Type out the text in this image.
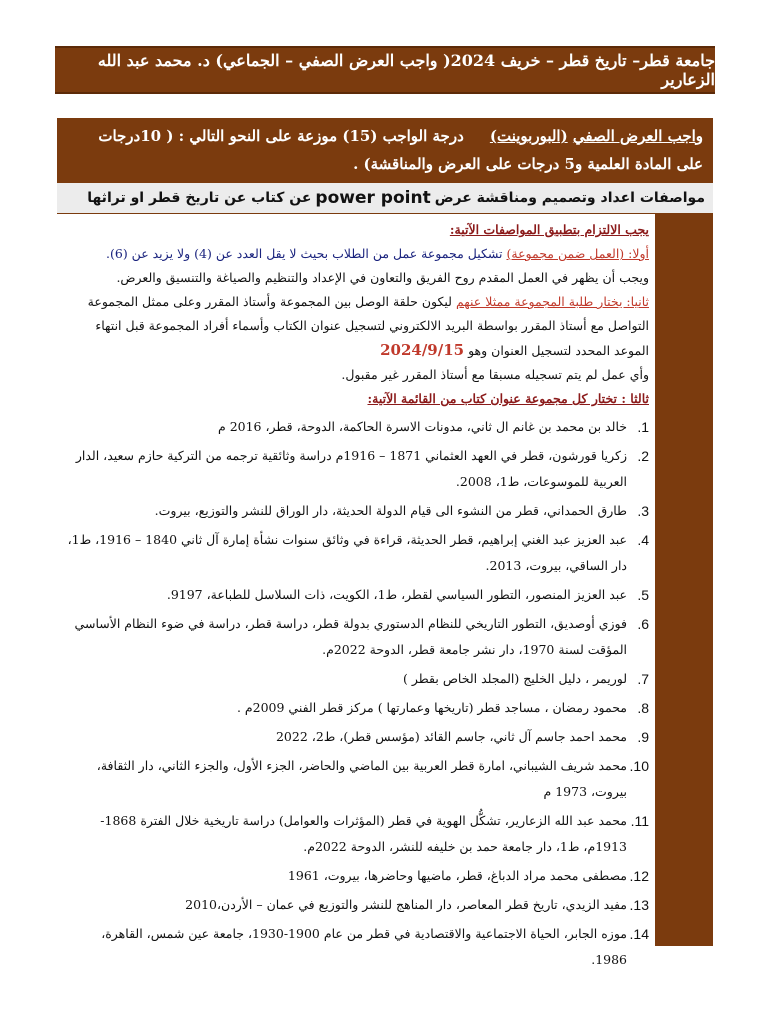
جامعة قطر– تاريخ قطر – خريف 2024( واجب العرض الصفي – الجماعي) د. محمد عبد الله الزعارير
واجب العرض الصفي (البوربوينت)     درجة الواجب (15) موزعة على النحو التالي : ( 10درجات على المادة العلمية و5 درجات على العرض والمناقشة) .
مواصفات اعداد وتصميم ومناقشة عرض
power point
عن كتاب عن تاريخ قطر او تراثها

يجب الالتزام بتطبيق المواصفات الآتية:

أولا: (العمل ضمن مجموعة) تشكيل مجموعة عمل من الطلاب بحيث لا يقل العدد عن (4) ولا يزيد عن (6).

ويجب أن يظهر في العمل المقدم روح الفريق والتعاون في الإعداد والتنظيم والصياغة والتنسيق والعرض.

ثانيا: يختار طلبة المجموعة ممثلا عنهم ليكون حلقة الوصل بين المجموعة وأستاذ المقرر وعلى ممثل المجموعة التواصل مع أستاذ المقرر بواسطة البريد الالكتروني لتسجيل عنوان الكتاب وأسماء أفراد المجموعة قبل انتهاء الموعد المحدد لتسجيل العنوان وهو 2024/9/15

وأي عمل لم يتم تسجيله مسبقا مع أستاذ المقرر غير مقبول.

ثالثا : تختار كل مجموعة عنوان كتاب من القائمة الآتية:

1.
خالد بن محمد بن غانم ال ثاني، مدونات الاسرة الحاكمة، الدوحة، قطر، 2016 م
2.
زكريا قورشون، قطر في العهد العثماني 1871 – 1916م دراسة وثائقية ترجمه من التركية حازم سعيد، الدار العربية للموسوعات، ط1، 2008.
3.
طارق الحمداني، قطر من النشوء الى قيام الدولة الحديثة، دار الوراق للنشر والتوزيع، بيروت.
4.
عبد العزيز عبد الغني إبراهيم، قطر الحديثة، قراءة في وثائق سنوات نشأة إمارة آل ثاني 1840 – 1916، ط1، دار الساقي، بيروت، 2013.
5.
عبد العزيز المنصور، التطور السياسي لقطر، ط1، الكويت، ذات السلاسل للطباعة، 9197.
6.
فوزي أوصديق، التطور التاريخي للنظام الدستوري بدولة قطر، دراسة قطر، دراسة في ضوء النظام الأساسي المؤقت لسنة 1970، دار نشر جامعة قطر، الدوحة 2022م.
7.
لوريمر ، دليل الخليج (المجلد الخاص بقطر )
8.
محمود رمضان ، مساجد قطر (تاريخها وعمارتها ) مركز قطر الفني 2009م .
9.
محمد احمد جاسم آل ثاني، جاسم القائد (مؤسس قطر)، ط2، 2022
10.
محمد شريف الشيباني، امارة قطر العربية بين الماضي والحاضر، الجزء الأول، والجزء الثاني، دار الثقافة، بيروت، 1973 م
11.
محمد عبد الله الزعارير، تشكُّل الهوية في قطر (المؤثرات والعوامل) دراسة تاريخية خلال الفترة 1868-1913م، ط1، دار جامعة حمد بن خليفه للنشر، الدوحة 2022م.
12.
مصطفى محمد مراد الدباغ، قطر، ماضيها وحاضرها، بيروت، 1961
13.
مفيد الزيدي، تاريخ قطر المعاصر، دار المناهج للنشر والتوزيع في عمان – الأردن،2010
14.
موزه الجابر، الحياة الاجتماعية والاقتصادية في قطر من عام 1900-1930، جامعة عين شمس، القاهرة، 1986.
